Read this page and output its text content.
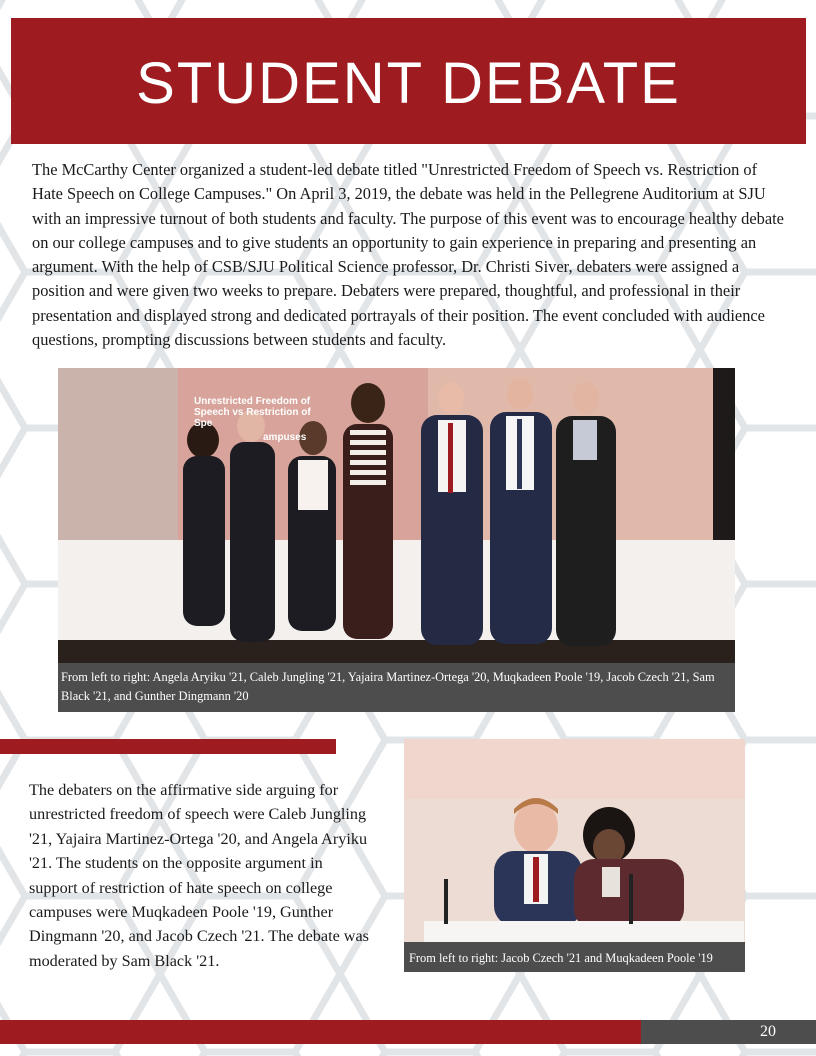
STUDENT DEBATE

The McCarthy Center organized a student-led debate titled "Unrestricted Freedom of Speech vs. Restriction of Hate Speech on College Campuses." On April 3, 2019, the debate was held in the Pellegrene Auditorium at SJU with an impressive turnout of both students and faculty. The purpose of this event was to encourage healthy debate on our college campuses and to give students an opportunity to gain experience in preparing and presenting an argument. With the help of CSB/SJU Political Science professor, Dr. Christi Siver, debaters were assigned a position and were given two weeks to prepare. Debaters were prepared, thoughtful, and professional in their presentation and displayed strong and dedicated portrayals of their position. The event concluded with audience questions, prompting discussions between students and faculty.

Unrestricted Freedom of
Speech vs Restriction of
Spe
ampuses
From left to right: Angela Aryiku '21, Caleb Jungling '21, Yajaira Martinez-Ortega '20, Muqkadeen Poole '19, Jacob Czech '21, Sam Black '21, and Gunther Dingmann '20

The debaters on the affirmative side arguing for unrestricted freedom of speech were Caleb Jungling '21, Yajaira Martinez-Ortega '20, and Angela Aryiku '21. The students on the opposite argument in support of restriction of hate speech on college campuses were Muqkadeen Poole '19, Gunther Dingmann '20, and Jacob Czech '21. The debate was moderated by Sam Black '21.	From left to right: Jacob Czech '21 and Muqkadeen Poole '19
20
